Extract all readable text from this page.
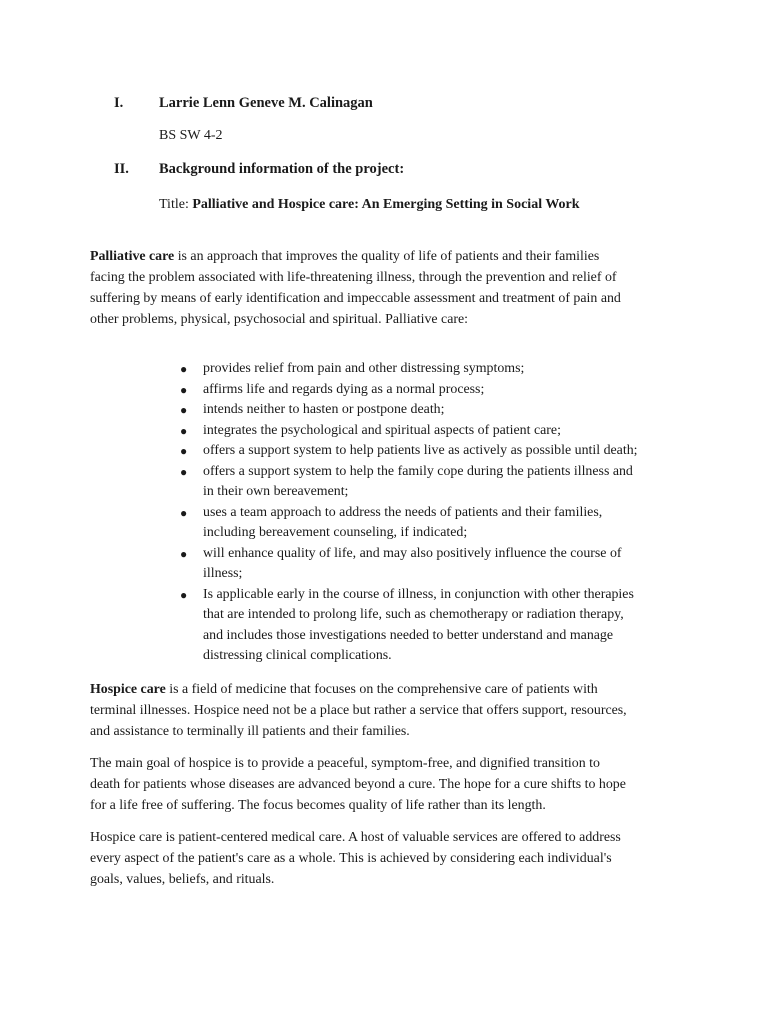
I. Larrie Lenn Geneve M. Calinagan
BS SW 4-2
II. Background information of the project:
Title: Palliative and Hospice care: An Emerging Setting in Social Work
Palliative care is an approach that improves the quality of life of patients and their families
facing the problem associated with life-threatening illness, through the prevention and relief of
suffering by means of early identification and impeccable assessment and treatment of pain and
other problems, physical, psychosocial and spiritual. Palliative care:
● provides relief from pain and other distressing symptoms;
● affirms life and regards dying as a normal process;
● intends neither to hasten or postpone death;
● integrates the psychological and spiritual aspects of patient care;
● offers a support system to help patients live as actively as possible until death;
● offers a support system to help the family cope during the patients illness and
in their own bereavement;
● uses a team approach to address the needs of patients and their families,
including bereavement counseling, if indicated;
● will enhance quality of life, and may also positively influence the course of
illness;
● Is applicable early in the course of illness, in conjunction with other therapies
that are intended to prolong life, such as chemotherapy or radiation therapy,
and includes those investigations needed to better understand and manage
distressing clinical complications.
Hospice care is a field of medicine that focuses on the comprehensive care of patients with
terminal illnesses. Hospice need not be a place but rather a service that offers support, resources,
and assistance to terminally ill patients and their families.
The main goal of hospice is to provide a peaceful, symptom-free, and dignified transition to
death for patients whose diseases are advanced beyond a cure. The hope for a cure shifts to hope
for a life free of suffering. The focus becomes quality of life rather than its length.
Hospice care is patient-centered medical care. A host of valuable services are offered to address
every aspect of the patient's care as a whole. This is achieved by considering each individual's
goals, values, beliefs, and rituals.
